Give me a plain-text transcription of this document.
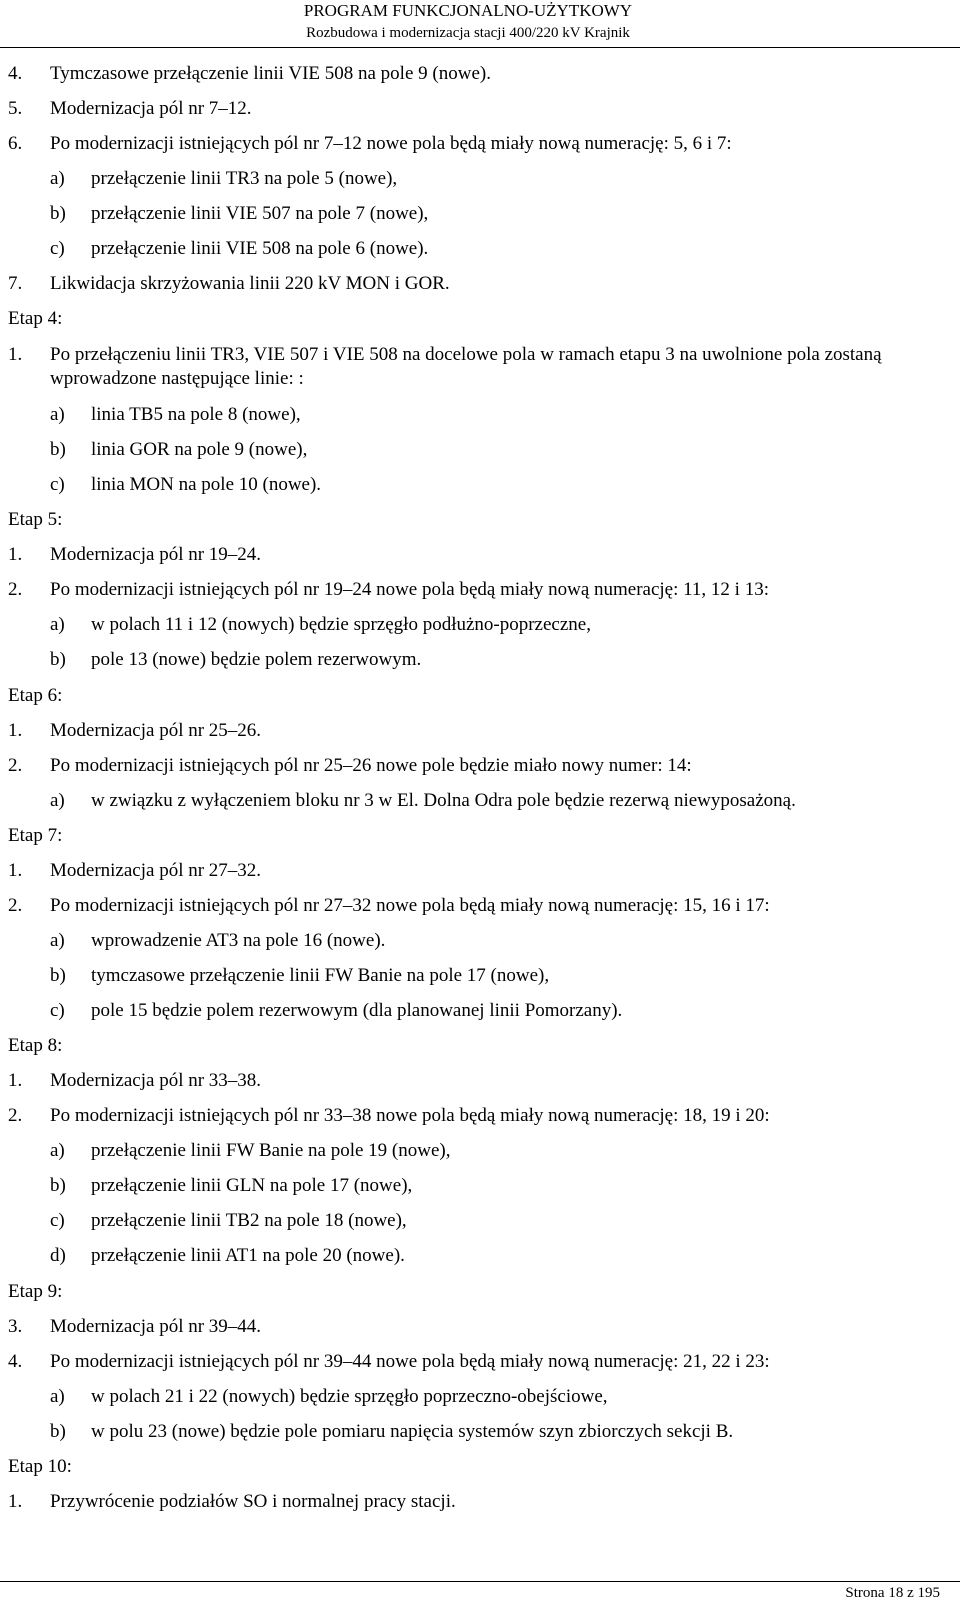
PROGRAM FUNKCJONALNO-UŻYTKOWY
Rozbudowa i modernizacja stacji 400/220 kV Krajnik
4. Tymczasowe przełączenie linii VIE 508 na pole 9 (nowe).
5. Modernizacja pól nr 7–12.
6. Po modernizacji istniejących pól nr 7–12 nowe pola będą miały nową numerację: 5, 6 i 7:
a) przełączenie linii TR3 na pole 5 (nowe),
b) przełączenie linii VIE 507 na pole 7 (nowe),
c) przełączenie linii VIE 508 na pole 6 (nowe).
7. Likwidacja skrzyżowania linii 220 kV MON i GOR.
Etap 4:
1. Po przełączeniu linii TR3, VIE 507 i VIE 508 na docelowe pola w ramach etapu 3 na uwolnione pola zostaną wprowadzone następujące linie: :
a) linia TB5 na pole 8 (nowe),
b) linia GOR na pole 9 (nowe),
c) linia MON na pole 10 (nowe).
Etap 5:
1. Modernizacja pól nr 19–24.
2. Po modernizacji istniejących pól nr 19–24 nowe pola będą miały nową numerację: 11, 12 i 13:
a) w polach 11 i 12 (nowych) będzie sprzęgło podłużno-poprzeczne,
b) pole 13 (nowe) będzie polem rezerwowym.
Etap 6:
1. Modernizacja pól nr 25–26.
2. Po modernizacji istniejących pól nr 25–26 nowe pole będzie miało nowy numer: 14:
a) w związku z wyłączeniem bloku nr 3 w El. Dolna Odra pole będzie rezerwą niewyposażoną.
Etap 7:
1. Modernizacja pól nr 27–32.
2. Po modernizacji istniejących pól nr 27–32 nowe pola będą miały nową numerację: 15, 16 i 17:
a) wprowadzenie AT3 na pole 16 (nowe).
b) tymczasowe przełączenie linii FW Banie na pole 17 (nowe),
c) pole 15 będzie polem rezerwowym (dla planowanej linii Pomorzany).
Etap 8:
1. Modernizacja pól nr 33–38.
2. Po modernizacji istniejących pól nr 33–38 nowe pola będą miały nową numerację: 18, 19 i 20:
a) przełączenie linii FW Banie na pole 19 (nowe),
b) przełączenie linii GLN na pole 17 (nowe),
c) przełączenie linii TB2 na pole 18 (nowe),
d) przełączenie linii AT1 na pole 20 (nowe).
Etap 9:
3. Modernizacja pól nr 39–44.
4. Po modernizacji istniejących pól nr 39–44 nowe pola będą miały nową numerację: 21, 22 i 23:
a) w polach 21 i 22 (nowych) będzie sprzęgło poprzeczno-obejściowe,
b) w polu 23 (nowe) będzie pole pomiaru napięcia systemów szyn zbiorczych sekcji B.
Etap 10:
1. Przywrócenie podziałów SO i normalnej pracy stacji.
Strona 18 z 195
